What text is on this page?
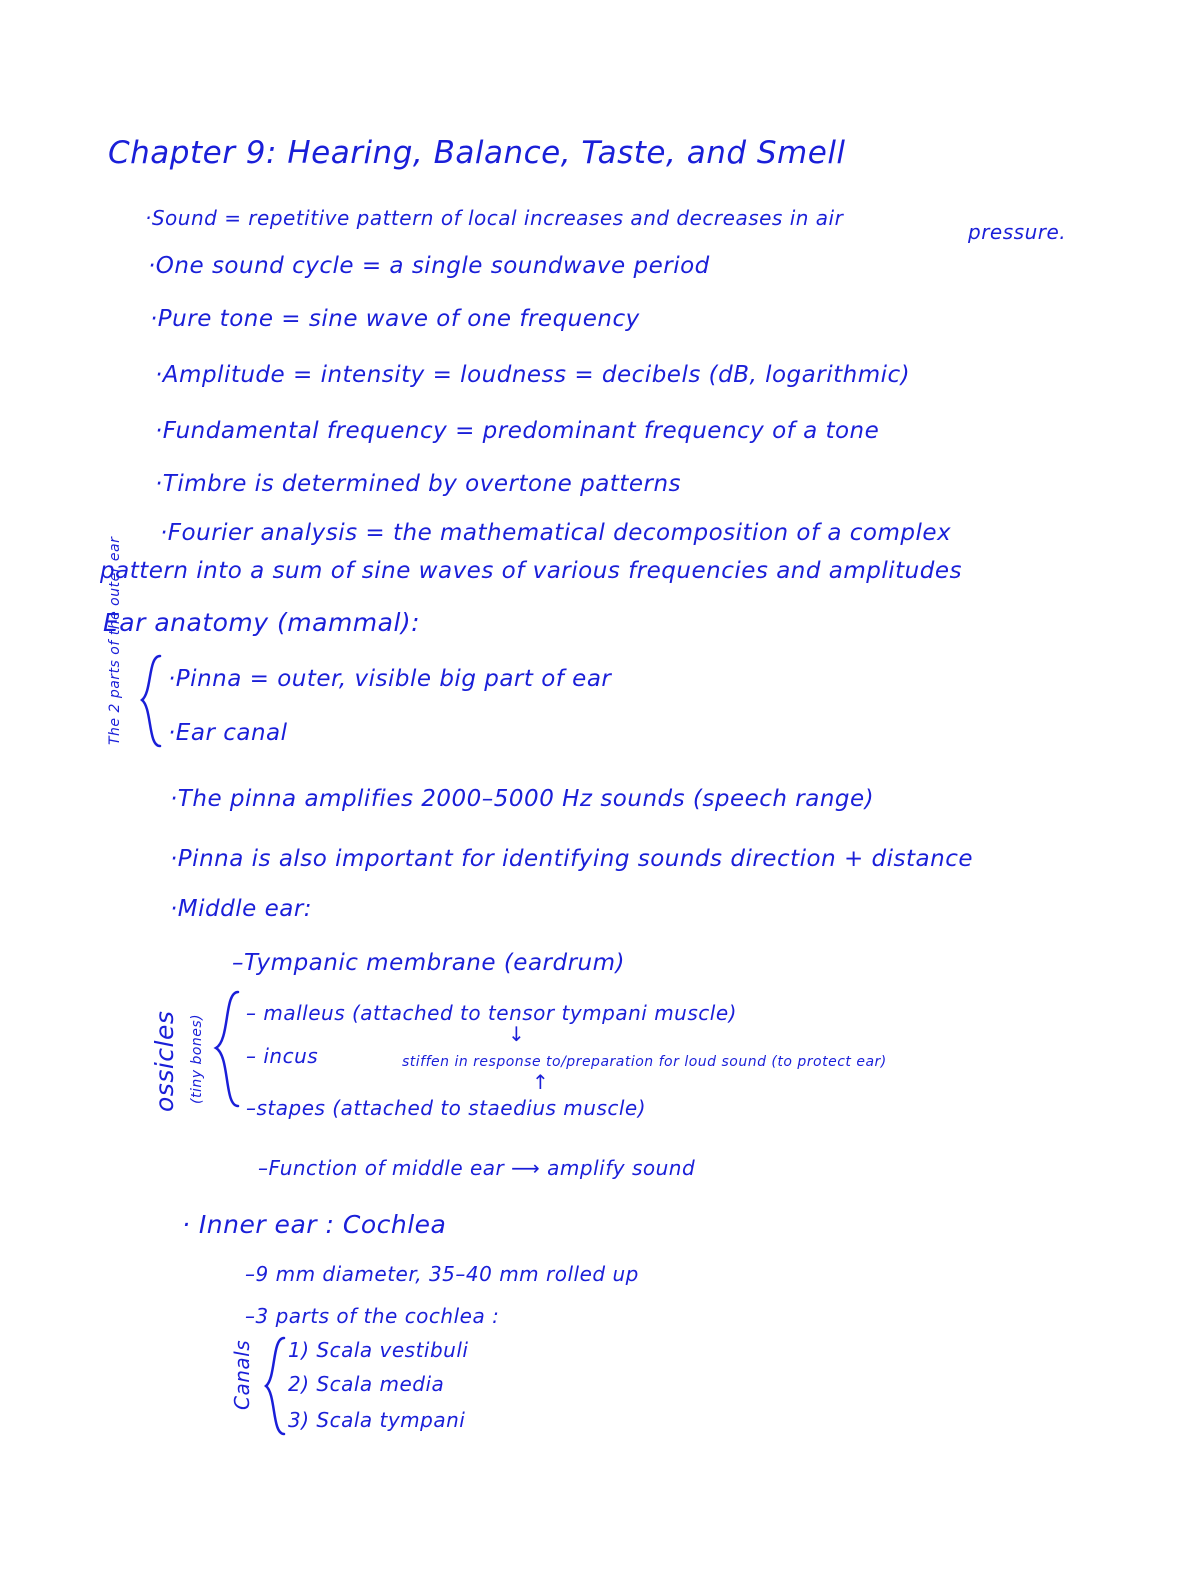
Chapter 9: Hearing, Balance, Taste, and Smell
·Sound = repetitive pattern of local increases and decreases in air
pressure.
·One sound cycle = a single soundwave period
·Pure tone = sine wave of one frequency
·Amplitude = intensity = loudness = decibels (dB, logarithmic)
·Fundamental frequency = predominant frequency of a tone
·Timbre is determined by overtone patterns
·Fourier analysis = the mathematical decomposition of a complex
pattern into a sum of sine waves of various frequencies and amplitudes
Ear anatomy (mammal):
The 2 parts of the outer ear ·Pinna = outer, visible big part of ear
·Ear canal
·The pinna amplifies 2000–5000 Hz sounds (speech range)
·Pinna is also important for identifying sounds direction + distance
·Middle ear:
–Tympanic membrane (eardrum)
ossicles (tiny bones)
– malleus (attached to tensor tympani muscle)
↓
– incus	stiffen in response to/preparation for loud sound (to protect ear)
↑
–stapes (attached to staedius muscle)
–Function of middle ear ⟶ amplify sound
· Inner ear : Cochlea
–9 mm diameter, 35–40 mm rolled up
–3 parts of the cochlea :
Canals 1) Scala vestibuli
2) Scala media
3) Scala tympani
